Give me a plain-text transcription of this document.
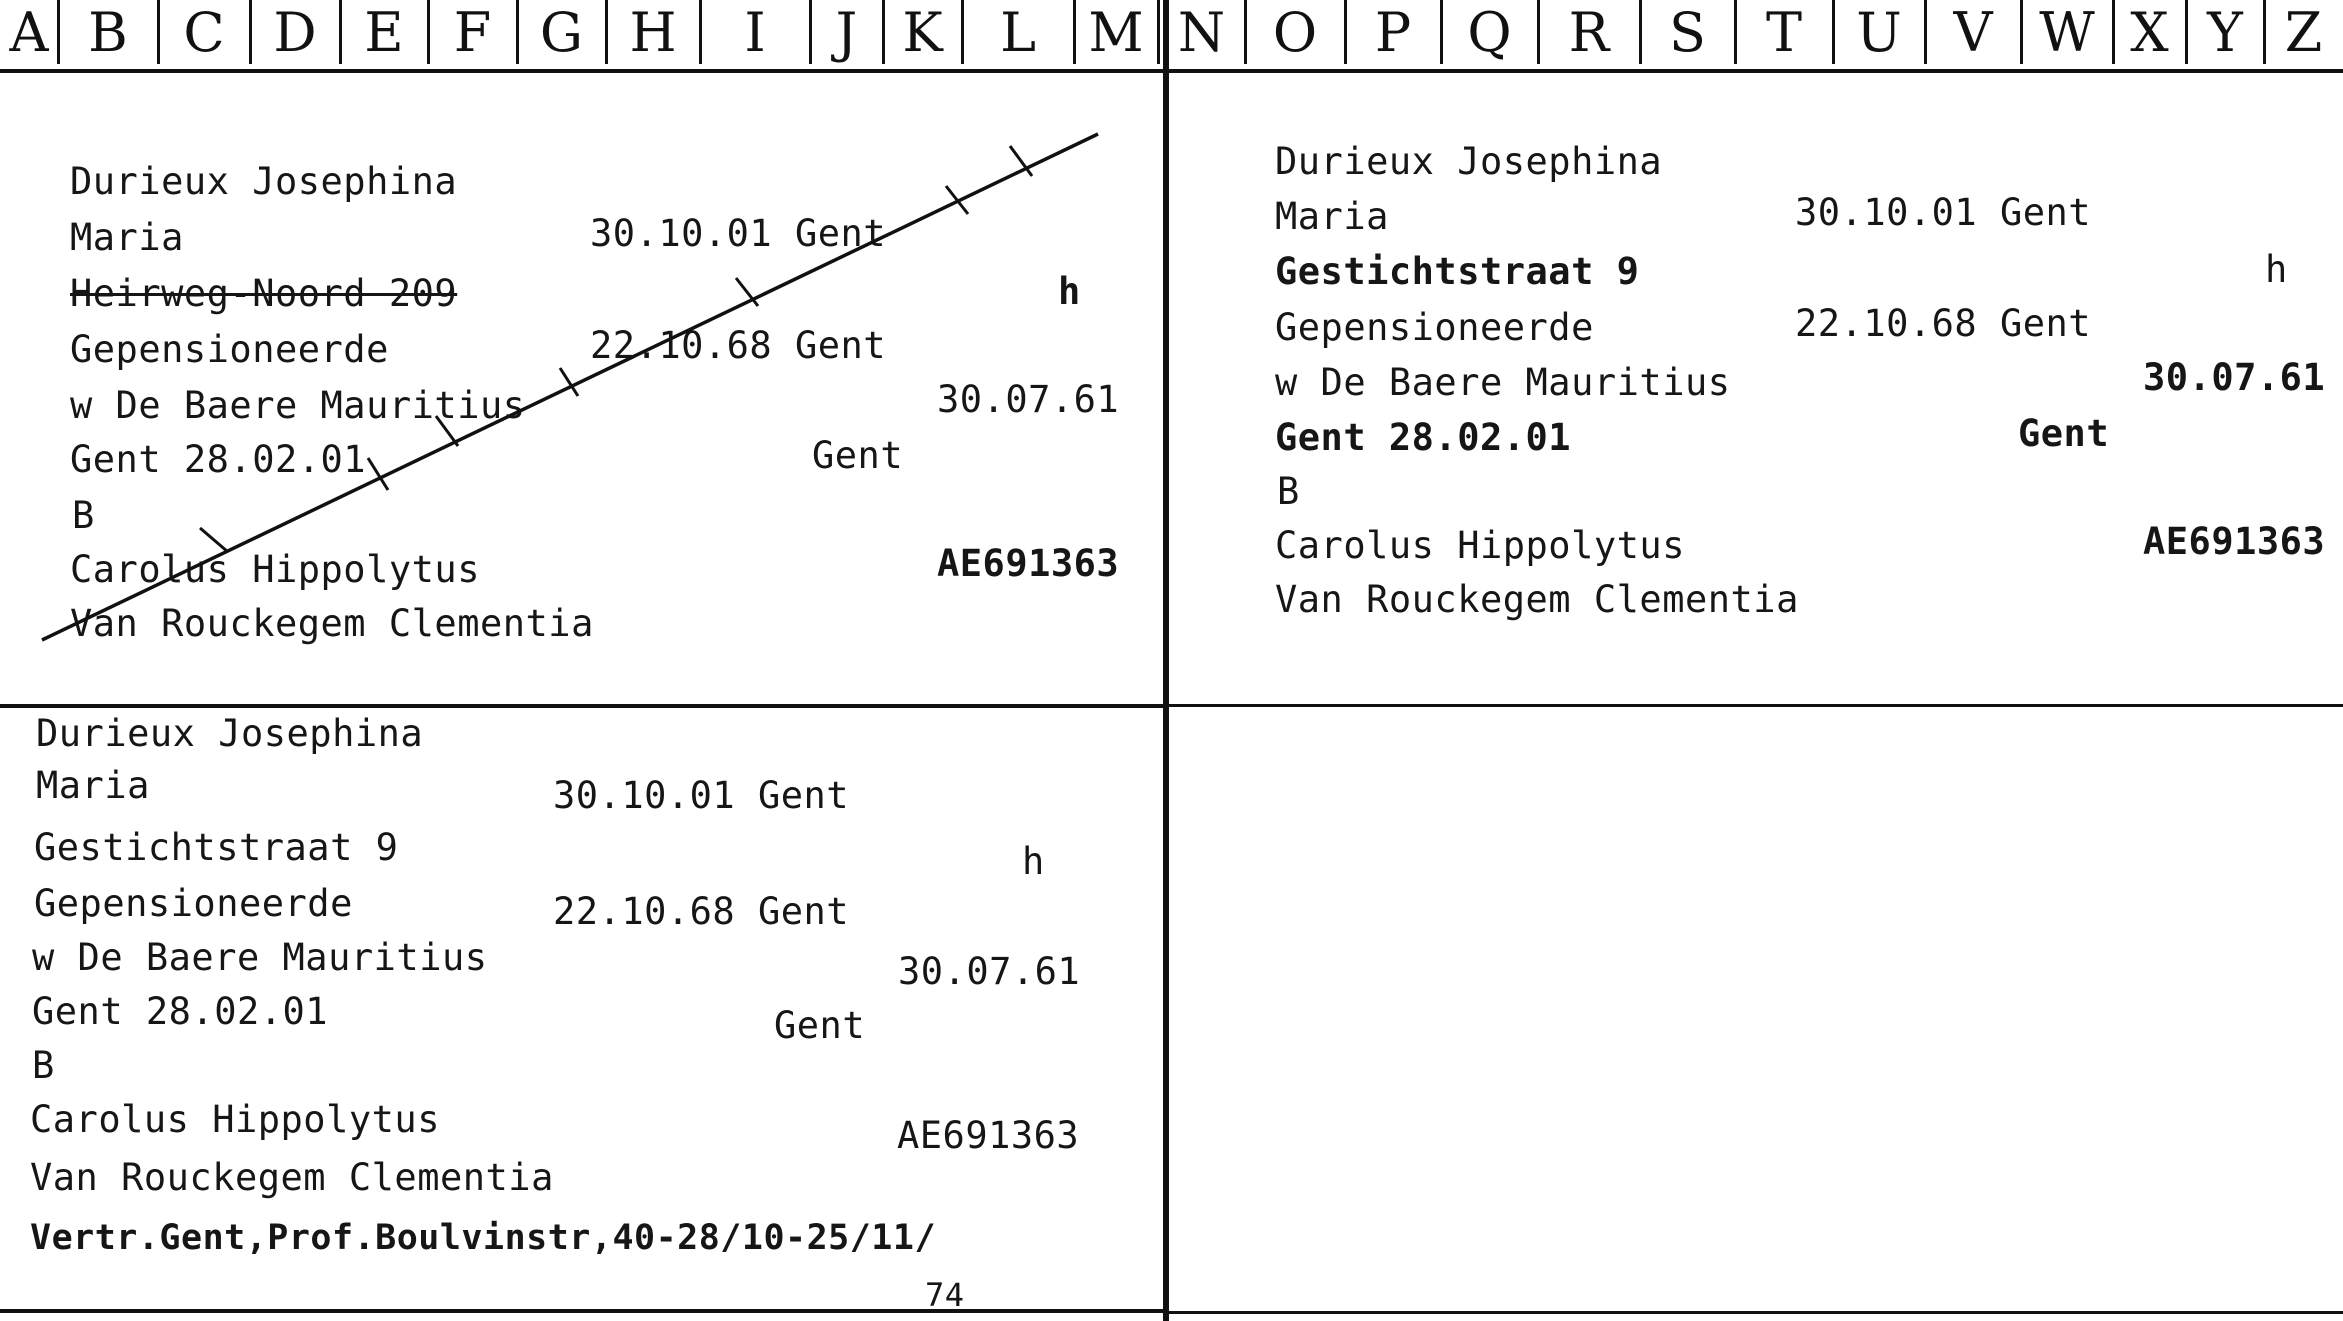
A B	C D E F G H	I	J K	L M N O	P	Q	R	S	T	U V W X Y Z
Durieux Josephina
Maria	30.10.01 Gent
Heirweg-Noord 209	h
Gepensioneerde	22.10.68 Gent
w De Baere Mauritius	30.07.61
Gent 28.02.01	Gent
B
Carolus Hippolytus	AE691363
Van Rouckegem Clementia
Durieux Josephina
Maria	30.10.01 Gent
Gestichtstraat 9	h
Gepensioneerde	22.10.68 Gent
w De Baere Mauritius	30.07.61
Gent 28.02.01	Gent
B
Carolus Hippolytus	AE691363
Van Rouckegem Clementia
Durieux Josephina
Maria	30.10.01 Gent
Gestichtstraat 9	h
Gepensioneerde	22.10.68 Gent
w De Baere Mauritius	30.07.61
Gent 28.02.01	Gent
B
Carolus Hippolytus	AE691363
Van Rouckegem Clementia
Vertr.Gent,Prof.Boulvinstr,40-28/10-25/11/
74
